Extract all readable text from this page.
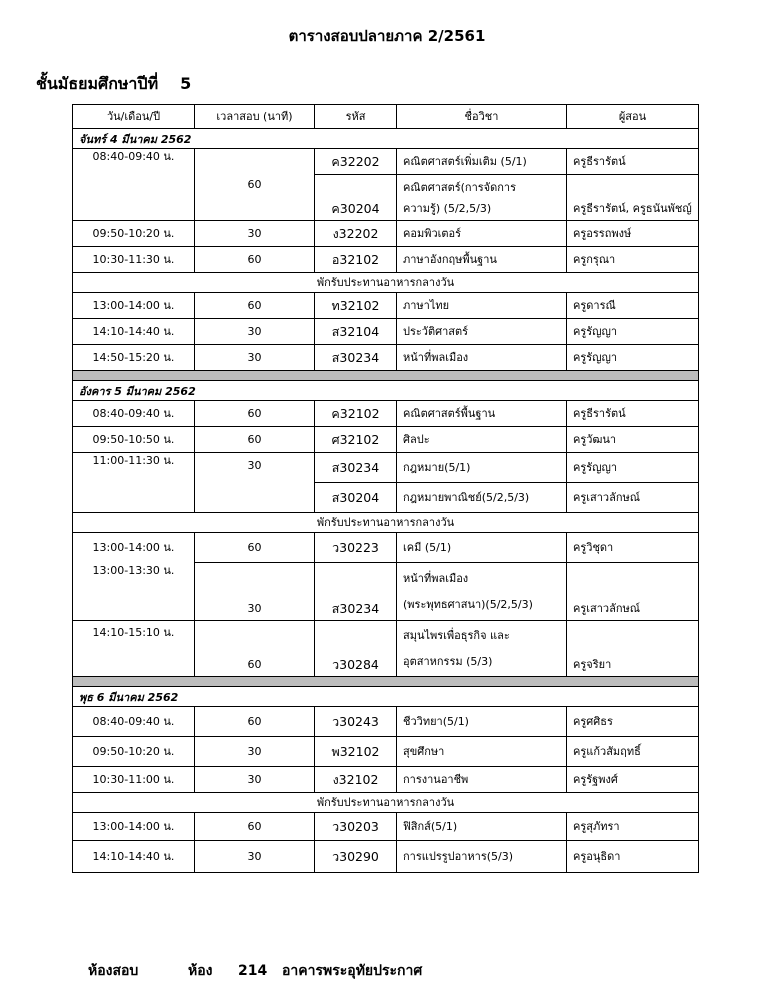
ตารางสอบปลายภาค 2/2561
ชั้นมัธยมศึกษาปีที่ 5
วัน/เดือน/ปี	เวลาสอบ (นาที)	รหัส	ชื่อวิชา	ผู้สอน
จันทร์ 4 มีนาคม 2562				
08:40-09:40 น.	60	ค32202	คณิตศาสตร์เพิ่มเติม (5/1)	ครูธีรารัตน์
		ค30204	คณิตศาสตร์(การจัดการ
ความรู้) (5/2,5/3)	ครูธีรารัตน์, ครูธนันพัชญ์
09:50-10:20 น.	30	ง32202	คอมพิวเตอร์	ครูอรรถพงษ์
10:30-11:30 น.	60	อ32102	ภาษาอังกฤษพื้นฐาน	ครูกรุณา
พักรับประทานอาหารกลางวัน				
13:00-14:00 น.	60	ท32102	ภาษาไทย	ครูดารณี
14:10-14:40 น.	30	ส32104	ประวัติศาสตร์	ครูรัญญา
14:50-15:20 น.	30	ส30234	หน้าที่พลเมือง	ครูรัญญา

อังคาร 5 มีนาคม 2562				
08:40-09:40 น.	60	ค32102	คณิตศาสตร์พื้นฐาน	ครูธีรารัตน์
09:50-10:50 น.	60	ศ32102	ศิลปะ	ครูวัฒนา
11:00-11:30 น.	30	ส30234	กฎหมาย(5/1)	ครูรัญญา
		ส30204	กฎหมายพาณิชย์(5/2,5/3)	ครูเสาวลักษณ์
พักรับประทานอาหารกลางวัน				
13:00-14:00 น.	60	ว30223	เคมี (5/1)	ครูวิชุดา
13:00-13:30 น.	30	ส30234	หน้าที่พลเมือง
(พระพุทธศาสนา)(5/2,5/3)	ครูเสาวลักษณ์
14:10-15:10 น.	60	ว30284	สมุนไพรเพื่อธุรกิจ และ
อุตสาหกรรม (5/3)	ครูจริยา

พุธ 6 มีนาคม 2562				
08:40-09:40 น.	60	ว30243	ชีววิทยา(5/1)	ครูศศิธร
09:50-10:20 น.	30	พ32102	สุขศึกษา	ครูแก้วสัมฤทธิ์
10:30-11:00 น.	30	ง32102	การงานอาชีพ	ครูรัฐพงศ์
พักรับประทานอาหารกลางวัน				
13:00-14:00 น.	60	ว30203	ฟิสิกส์(5/1)	ครูสุภัทรา
14:10-14:40 น.	30	ว30290	การแปรรูปอาหาร(5/3)	ครูอนุธิดา
ห้องสอบ	ห้อง 214 อาคารพระอุทัยประกาศ
